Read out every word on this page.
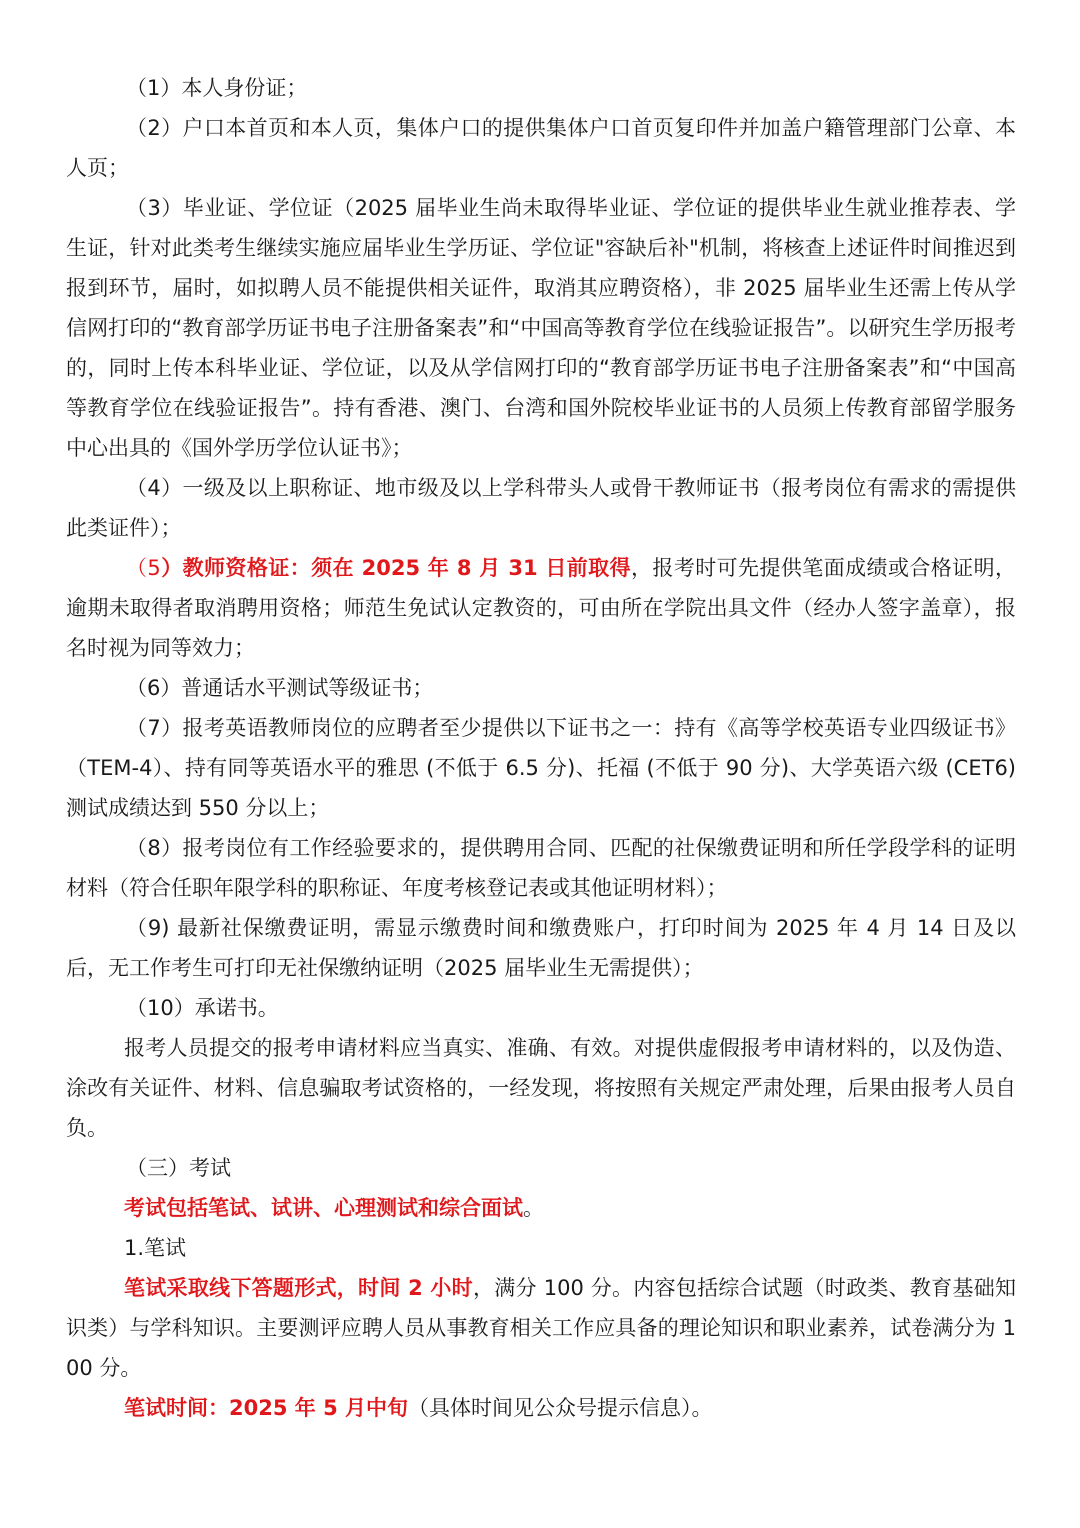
（1）本人身份证；

（2）户口本首页和本人页，集体户口的提供集体户口首页复印件并加盖户籍管理部门公章、本人页；

（3）毕业证、学位证（2025 届毕业生尚未取得毕业证、学位证的提供毕业生就业推荐表、学生证，针对此类考生继续实施应届毕业生学历证、学位证"容缺后补"机制，将核查上述证件时间推迟到报到环节，届时，如拟聘人员不能提供相关证件，取消其应聘资格），非 2025 届毕业生还需上传从学信网打印的“教育部学历证书电子注册备案表”和“中国高等教育学位在线验证报告”。以研究生学历报考的，同时上传本科毕业证、学位证，以及从学信网打印的“教育部学历证书电子注册备案表”和“中国高等教育学位在线验证报告”。持有香港、澳门、台湾和国外院校毕业证书的人员须上传教育部留学服务中心出具的《国外学历学位认证书》；

（4）一级及以上职称证、地市级及以上学科带头人或骨干教师证书（报考岗位有需求的需提供此类证件）；

（5）教师资格证：须在 2025 年 8 月 31 日前取得，报考时可先提供笔面成绩或合格证明，逾期未取得者取消聘用资格；师范生免试认定教资的，可由所在学院出具文件（经办人签字盖章），报名时视为同等效力；

（6）普通话水平测试等级证书；

（7）报考英语教师岗位的应聘者至少提供以下证书之一：持有《高等学校英语专业四级证书》（TEM-4）、持有同等英语水平的雅思 (不低于 6.5 分)、托福 (不低于 90 分)、大学英语六级 (CET6) 测试成绩达到 550 分以上；

（8）报考岗位有工作经验要求的，提供聘用合同、匹配的社保缴费证明和所任学段学科的证明材料（符合任职年限学科的职称证、年度考核登记表或其他证明材料）；

（9) 最新社保缴费证明，需显示缴费时间和缴费账户，打印时间为 2025 年 4 月 14 日及以后，无工作考生可打印无社保缴纳证明（2025 届毕业生无需提供）；

（10）承诺书。

报考人员提交的报考申请材料应当真实、准确、有效。对提供虚假报考申请材料的，以及伪造、涂改有关证件、材料、信息骗取考试资格的，一经发现，将按照有关规定严肃处理，后果由报考人员自负。

（三）考试

考试包括笔试、试讲、心理测试和综合面试。

1.笔试

笔试采取线下答题形式，时间 2 小时，满分 100 分。内容包括综合试题（时政类、教育基础知识类）与学科知识。主要测评应聘人员从事教育相关工作应具备的理论知识和职业素养，试卷满分为 100 分。

笔试时间：2025 年 5 月中旬（具体时间见公众号提示信息）。
